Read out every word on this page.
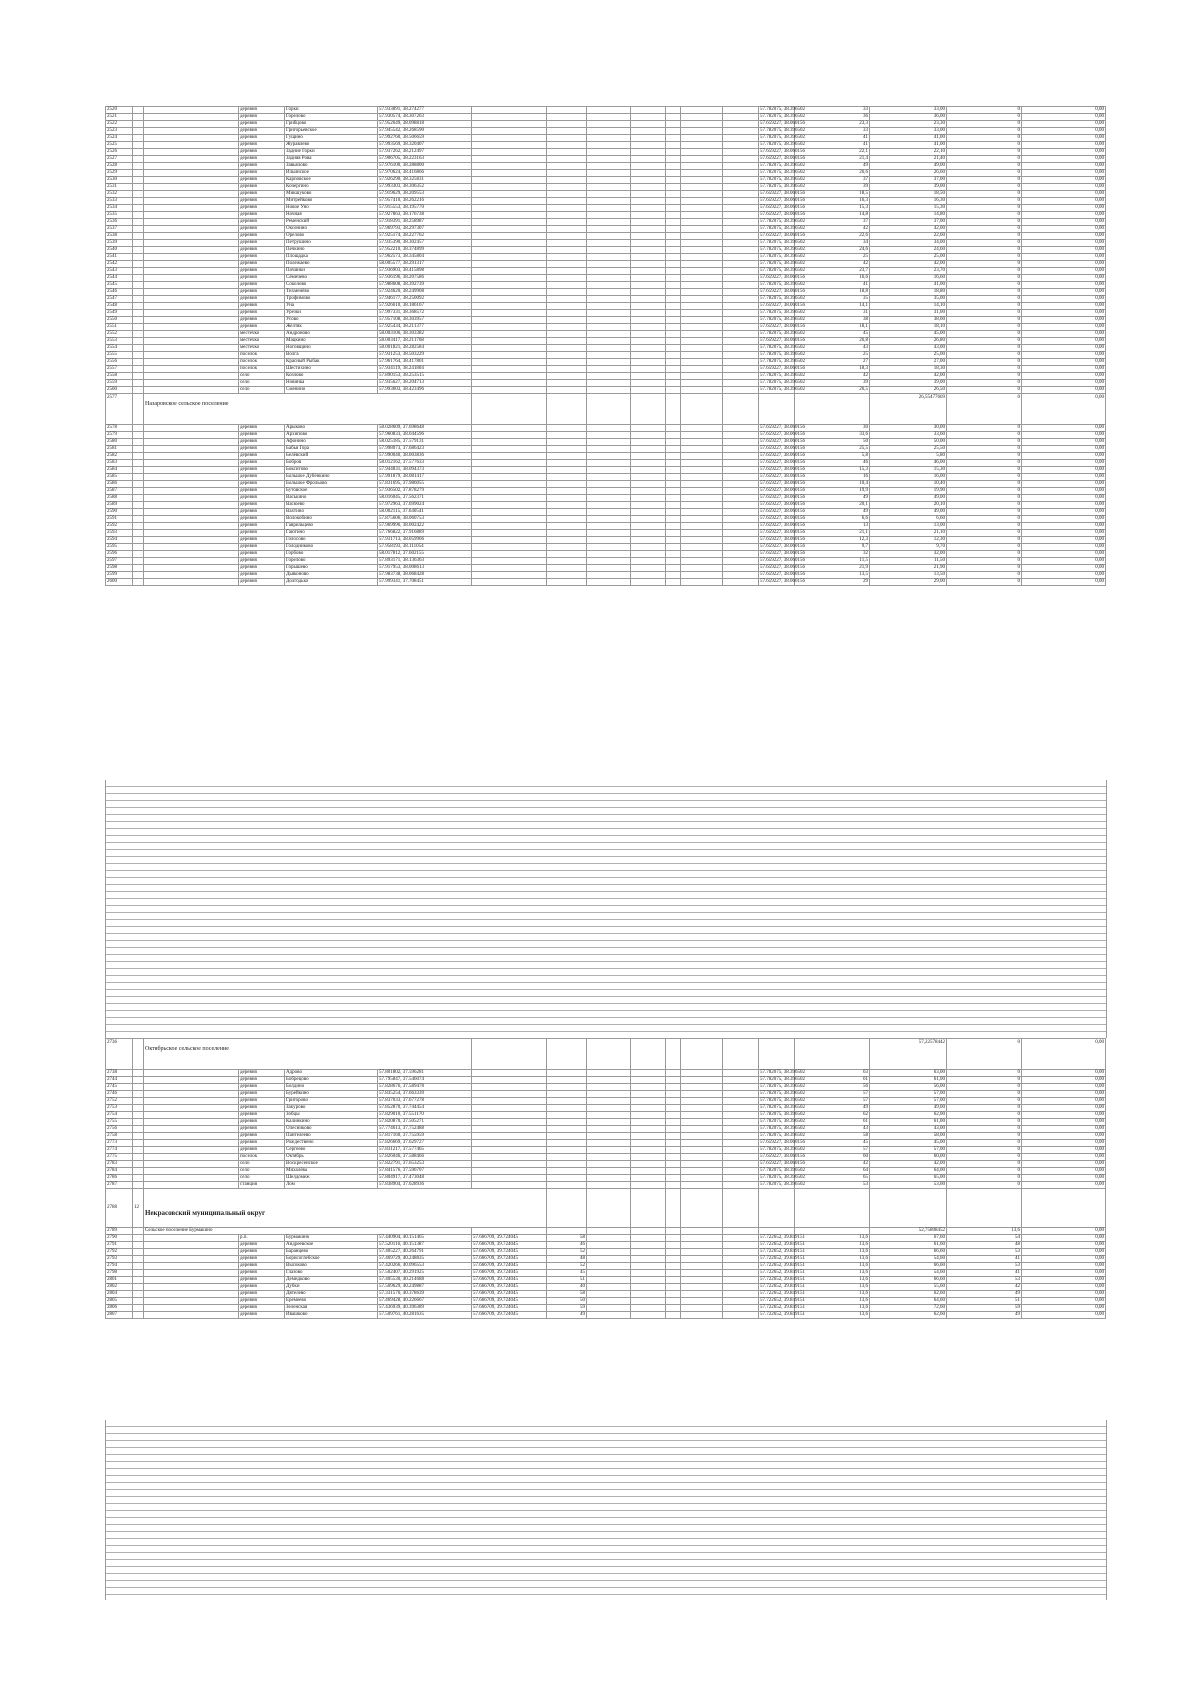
2520			деревня	Горки	57.933891, 38.274277								57.782075, 38.396502	33	33,00	0	0,00
2521			деревня	Горелово	57.930574, 38.307263								57.782075, 38.396502	36	36,00	0	0,00
2522			деревня	Грибцово	57.952649, 38.098818								57.659227, 38.060156	23,3	23,30	0	0,00
2523			деревня	Григорьевское	57.945542, 38.268590								57.782075, 38.396502	33	33,00	0	0,00
2524			деревня	Гущино	57.992760, 38.506659								57.782075, 38.396502	41	41,00	0	0,00
2525			деревня	Журавлево	57.993569, 38.320407								57.782075, 38.396502	41	41,00	0	0,00
2526			деревня	Задние Горки	57.937262, 38.212497								57.659227, 38.060156	22,1	22,10	0	0,00
2527			деревня	Задняя Рова	57.906705, 38.223163								57.659227, 38.060156	21,4	21,40	0	0,00
2528			деревня	Завьялово	57.976100, 38.288800								57.782075, 38.396502	49	49,00	0	0,00
2529			деревня	Ильинское	57.970624, 38.416866								57.782075, 38.396502	26,6	26,60	0	0,00
2530			деревня	Карповское	57.926290, 38.325831								57.782075, 38.396502	37	37,00	0	0,00
2531			деревня	Кочергино	57.993303, 38.306352								57.782075, 38.396502	39	39,00	0	0,00
2532			деревня	Микшуково	57.919629, 38.209553								57.659227, 38.060156	18,5	18,50	0	0,00
2533			деревня	Митрейково	57.957410, 38.262216								57.659227, 38.060156	16,3	16,30	0	0,00
2534			деревня	Новое Уно	57.915553, 38.195770								57.659227, 38.060156	15,3	15,30	0	0,00
2535			деревня	Ночная	57.927863, 38.176738								57.659227, 38.060156	14,8	14,80	0	0,00
2536			деревня	Ременский	57.918391, 38.258987								57.782075, 38.396502	37	37,00	0	0,00
2537			деревня	Оксенино	57.969793, 38.297307								57.782075, 38.396502	42	42,00	0	0,00
2538			деревня	Орелово	57.925174, 38.227762								57.659227, 38.060156	22,6	22,60	0	0,00
2539			деревня	Петрушино	57.935390, 38.302457								57.782075, 38.396502	34	34,00	0	0,00
2540			деревня	Печкино	57.952210, 38.374899								57.782075, 38.396502	24,6	24,60	0	0,00
2541			деревня	Площадка	57.962573, 38.345804								57.782075, 38.396502	25	25,00	0	0,00
2542			деревня	Полежаево	58.005577, 38.291317								57.782075, 38.396502	42	42,00	0	0,00
2543			деревня	Починки	57.936903, 38.415898								57.782075, 38.396502	23,7	23,70	0	0,00
2544			деревня	Сёмичево	57.936196, 38.207586								57.659227, 38.060156	16,6	16,60	0	0,00
2545			деревня	Соколово	57.988608, 38.392739								57.782075, 38.396502	41	41,00	0	0,00
2546			деревня	Тихменёво	57.924620, 38.249908								57.659227, 38.060156	18,8	18,80	0	0,00
2547			деревня	Трофимово	57.946177, 38.250092								57.782075, 38.396502	35	35,00	0	0,00
2548			деревня	Уна	57.926610, 38.186167								57.659227, 38.060156	14,1	14,10	0	0,00
2549			деревня	Урезки	57.997331, 38.368572								57.782075, 38.396502	31	31,00	0	0,00
2550			деревня	Усово	57.957108, 38.303957								57.782075, 38.396502	38	38,00	0	0,00
2551			деревня	Желтяк	57.925434, 38.211377								57.659227, 38.060156	18,1	18,10	0	0,00
2552			местечко	Андроново	58.003106, 38.303382								57.782075, 38.396502	45	45,00	0	0,00
2553			местечко	Мацкино	58.003417, 38.211768								57.659227, 38.060156	26,8	26,80	0	0,00
2554			местечко	Ноговщино	58.001821, 38.282584								57.782075, 38.396502	43	43,00	0	0,00
2555			поселок	Волга	57.931253, 38.503229								57.782075, 38.396502	25	25,00	0	0,00
2556			поселок	Красный Рыбак	57.961764, 38.417801								57.782075, 38.396502	27	27,00	0	0,00
2557			поселок	Шестихино	57.934119, 38.241804								57.659227, 38.060156	18,3	18,30	0	0,00
2558			село	Козлово	57.890153, 38.253515								57.782075, 38.396502	42	42,00	0	0,00
2559			село	Новинка	57.935627, 38.204713								57.782075, 38.396502	39	39,00	0	0,00
2560			село	Сменино	57.993603, 38.423496								57.782075, 38.396502	26,5	26,50	0	0,00
2577		Назаровское сельское поселение													26,55477669	0	0,00
2578			деревня	Арыково	58.028609, 37.698648								57.659227, 38.060156	30	30,00	0	0,00
2579			деревня	Архипово	57.960833, 38.044596								57.659227, 38.060156	33,6	33,60	0	0,00
2580			деревня	Афонино	58.025185, 37.579131								57.659227, 38.060156	50	50,00	0	0,00
2581			деревня	Бабья Гора	57.998073, 37.686423								57.659227, 38.060156	25,5	25,50	0	0,00
2582			деревня	Белёвский	57.990040, 38.003836								57.659227, 38.060156	5,8	5,80	0	0,00
2583			деревня	Бобров	58.012162, 37.577633								57.659227, 38.060156	46	46,00	0	0,00
2584			деревня	Бокситово	57.944831, 38.094373								57.659227, 38.060156	15,3	15,30	0	0,00
2585			деревня	Большое Дубёнкино	57.991879, 38.081417								57.659227, 38.060156	16	16,00	0	0,00
2586			деревня	Большое Фрольово	57.831695, 37.986055								57.659227, 38.060156	10,4	10,40	0	0,00
2587			деревня	Бутовское	57.936502, 37.878279								57.659227, 38.060156	19,9	19,90	0	0,00
2588			деревня	Васькино	58.016045, 37.562371								57.659227, 38.060156	49	49,00	0	0,00
2589			деревня	Васюево	57.972963, 37.699024								57.659227, 38.060156	20,1	20,10	0	0,00
2590			деревня	Вахтино	58.002115, 37.640541								57.659227, 38.060156	49	49,00	0	0,00
2591			деревня	Волокобино	57.875606, 38.060753								57.659227, 38.060156	6,6	6,60	0	0,00
2592			деревня	Гаврильцево	57.969996, 38.002422								57.659227, 38.060156	13	13,00	0	0,00
2593			деревня	Гаютино	57.766822, 37.916889								57.659227, 38.060156	21,1	21,10	0	0,00
2594			деревня	Голосово	57.931713, 38.059966								57.659227, 38.060156	12,3	12,30	0	0,00
2595			деревня	Голодниково	57.958193, 38.111054								57.659227, 38.060156	9,7	9,70	0	0,00
2596			деревня	Горбово	58.017812, 37.602155								57.659227, 38.060156	32	32,00	0	0,00
2597			деревня	Горелово	57.893171, 38.136363								57.659227, 38.060156	11,5	11,50	0	0,00
2598			деревня	Горышево	57.917953, 38.008613								57.659227, 38.060156	21,9	21,90	0	0,00
2599			деревня	Дьяконово	57.983738, 38.068428								57.659227, 38.060156	13,5	13,50	0	0,00
2600			деревня	Долгодько	57.999341, 37.708451								57.659227, 38.060156	29	29,00	0	0,00
2736		Октябрьское сельское поселение													57,22578442	0	0,00
2738			деревня	Адрово	57.801802, 37.596281								57.782075, 38.396502	63	63,00	0	0,00
2744			деревня	Бобрецово	57.795847, 37.546074								57.782075, 38.396502	61	61,00	0	0,00
2745			деревня	Болдино	57.828676, 37.589478								57.782075, 38.396502	56	56,00	0	0,00
2746			деревня	Бурейкино	57.835254, 37.663339								57.782075, 38.396502	57	57,00	0	0,00
2752			деревня	Григорово	57.837033, 37.677278								57.782075, 38.396502	57	57,00	0	0,00
2753			деревня	Закурово	57.852870, 37.744454								57.782075, 38.396502	49	49,00	0	0,00
2754			деревня	Зобцы	57.829010, 37.551170								57.782075, 38.396502	62	62,00	0	0,00
2755			деревня	Калинкино	57.820870, 37.505271								57.782075, 38.396502	61	61,00	0	0,00
2756			деревня	Олесниково	57.774613, 37.752488								57.782075, 38.396502	43	43,00	0	0,00
2758			деревня	Пантелеево	57.817160, 37.755959								57.782075, 38.396502	58	58,00	0	0,00
2773			деревня	Рождествено	57.826669, 37.629727								57.659227, 38.060156	45	45,00	0	0,00
2774			деревня	Сергеево	57.831217, 37.577465								57.782075, 38.396502	57	57,00	0	0,00
2775			поселок	Октябрь	57.826046, 37.588466								57.659227, 38.060156	60	60,00	0	0,00
2783			село	Воскресенское	57.822791, 37.653253								57.659227, 38.060156	42	42,00	0	0,00
2784			село	Михалёва	57.841576, 37.596707								57.782075, 38.396502	64	64,00	0	0,00
2786			село	Шелдомеж	57.804917, 37.473048								57.782075, 38.396502	65	65,00	0	0,00
2787			станция	Лом	57.838904, 37.628936								57.782075, 38.396502	53	53,00	0	0,00
2788	12	Некрасовский муниципальный округ															
2789		Сельское поселение Бурмакино													52,75808452	13,6	0,00
2790			р.п.	Бурмакино	57.440904, 40.151465	57.666709, 39.724045	58						57.722652, 39.849151	13,6	67,60	54	0,00
2791			деревня	Андреевское	57.520116, 40.151387	57.666709, 39.724045	46						57.722652, 39.849151	13,6	61,60	48	0,00
2792			деревня	Баранцево	57.405227, 40.264791	57.666709, 39.724045	52						57.722652, 39.849151	13,6	66,60	53	0,00
2793			деревня	Борисоглебское	57.469729, 40.248835	57.666709, 39.724045	48						57.722652, 39.849151	13,6	54,60	41	0,00
2794			деревня	Высоково	57.420266, 40.096553	57.666709, 39.724045	52						57.722652, 39.849151	13,6	66,60	53	0,00
2798			деревня	Глазово	57.502407, 40.291925	57.666709, 39.724045	45						57.722652, 39.849151	13,6	54,60	41	0,00
2801			деревня	Демидково	57.405530, 40.214688	57.666709, 39.724045	51						57.722652, 39.849151	13,6	66,60	53	0,00
2802			деревня	Дубки	57.509629, 40.249887	57.666709, 39.724045	40						57.722652, 39.849151	13,6	55,60	42	0,00
2804			деревня	Дятелево	57.331576, 40.378639	57.666709, 39.724045	58						57.722652, 39.849151	13,6	62,60	49	0,00
2805			деревня	Еремеево	57.469428, 40.226667	57.666709, 39.724045	50						57.722652, 39.849151	13,6	64,60	51	0,00
2806			деревня	Зеленская	57.436939, 40.396389	57.666709, 39.724045	59						57.722652, 39.849151	13,6	72,60	59	0,00
2807			деревня	Ивашково	57.509761, 40.281635	57.666709, 39.724045	49						57.722652, 39.849151	13,6	62,60	49	0,00
